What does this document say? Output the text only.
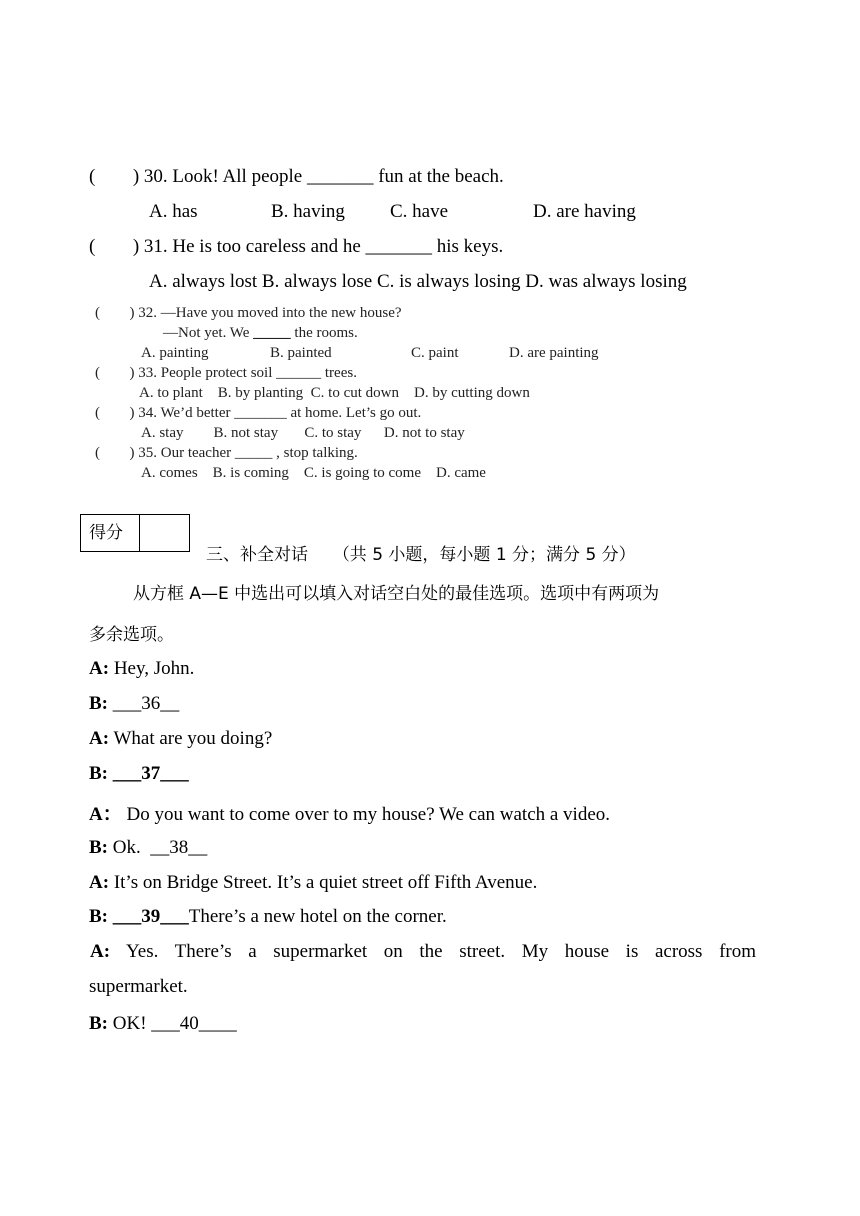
( ) 30. Look! All people _______ fun at the beach.
A. has	B. having C. have	D. are having
( ) 31. He is too careless and he _______ his keys.
A. always lost B. always lose C. is always losing D. was always losing
( ) 32. —Have you moved into the new house?
—Not yet. We _____ the rooms.
A. painting	B. painted	C. paint	D. are painting
( ) 33. People protect soil ______ trees.
A. to plant    B. by planting  C. to cut down    D. by cutting down
( ) 34. We’d better _______ at home. Let’s go out.
A. stay        B. not stay       C. to stay      D. not to stay
( ) 35. Our teacher _____ , stop talking.
A. comes    B. is coming    C. is going to come    D. came
得分
三、补全对话 （共 5 小题，每小题 1 分；满分 5 分）
从方框 A—E 中选出可以填入对话空白处的最佳选项。选项中有两项为
多余选项。
A: Hey, John.
B: ___36__
A: What are you doing?
B: ___37___
A： Do you want to come over to my house? We can watch a video.
B: Ok.  __38__
A: It’s on Bridge Street. It’s a quiet street off Fifth Avenue.
B: ___39___There’s a new hotel on the corner.
A: Yes. There’s a supermarket on the street. My house is across from
supermarket.
B: OK! ___40____
